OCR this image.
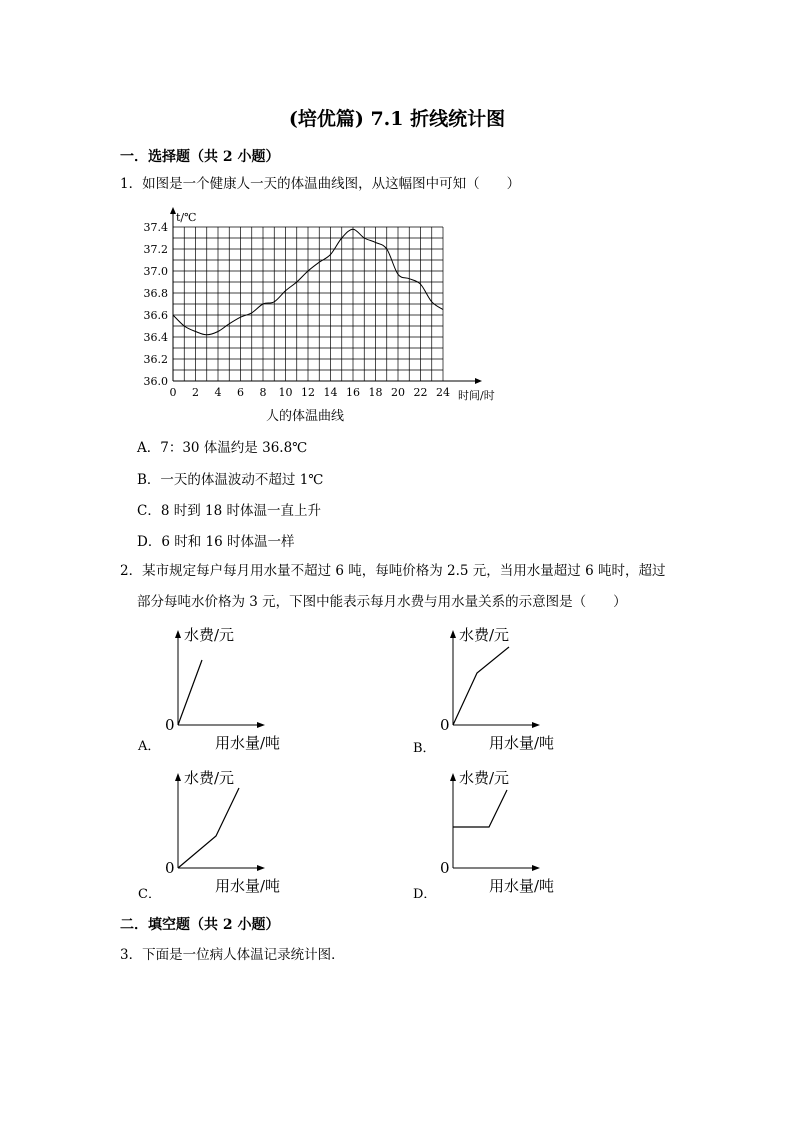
(培优篇) 7.1 折线统计图
一．选择题（共 2 小题）
1．如图是一个健康人一天的体温曲线图，从这幅图中可知（　　）
0 2 4 6 8 10 12 14 16 18 20 22 24
36.0
36.2
36.4
36.6
36.8
37.0
37.2
37.4
t/℃
时间/时
人的体温曲线
A．7：30 体温约是 36.8℃
B．一天的体温波动不超过 1℃
C．8 时到 18 时体温一直上升
D．6 时和 16 时体温一样
2．某市规定每户每月用水量不超过 6 吨，每吨价格为 2.5 元，当用水量超过 6 吨时，超过
部分每吨水价格为 3 元，下图中能表示每月水费与用水量关系的示意图是（　　）
A．
水费/元
用水量/吨
0
B．
水费/元
用水量/吨
0
C．
水费/元
用水量/吨
0
D．
水费/元
用水量/吨
0
二．填空题（共 2 小题）
3．下面是一位病人体温记录统计图．
